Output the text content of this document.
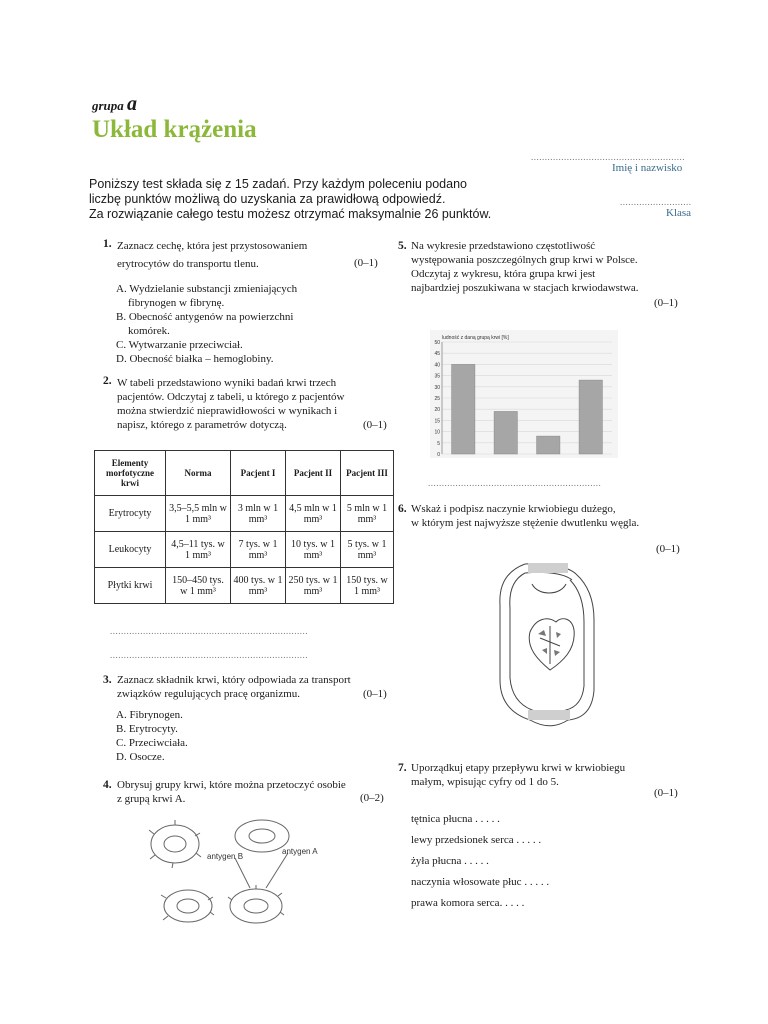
grupa a
Układ krążenia
........................................................
Imię i nazwisko
..........................
Klasa
Poniższy test składa się z 15 zadań. Przy każdym poleceniu podano
liczbę punktów możliwą do uzyskania za prawidłową odpowiedź.
Za rozwiązanie całego testu możesz otrzymać maksymalnie 26 punktów.
1. Zaznacz cechę, która jest przystosowaniem
erytrocytów do transportu tlenu.	(0–1)
A. Wydzielanie substancji zmieniających
fibrynogen w fibrynę.
B. Obecność antygenów na powierzchni
komórek.
C. Wytwarzanie przeciwciał.
D. Obecność białka – hemoglobiny.
2. W tabeli przedstawiono wyniki badań krwi trzech
pacjentów. Odczytaj z tabeli, u którego z pacjentów
można stwierdzić nieprawidłowości w wynikach i
napisz, którego z parametrów dotyczą.	(0–1)
Elementy morfotyczne krwi	Norma	Pacjent I	Pacjent II	Pacjent III
Erytrocyty	3,5–5,5 mln w 1 mm³	3 mln w 1 mm³	4,5 mln w 1 mm³	5 mln w 1 mm³
Leukocyty	4,5–11 tys. w 1 mm³	7 tys. w 1 mm³	10 tys. w 1 mm³	5 tys. w 1 mm³
Płytki krwi	150–450 tys. w 1 mm³	400 tys. w 1 mm³	250 tys. w 1 mm³	150 tys. w 1 mm³
........................................................................
........................................................................
3. Zaznacz składnik krwi, który odpowiada za transport
związków regulujących pracę organizmu.	(0–1)
A. Fibrynogen.
B. Erytrocyty.
C. Przeciwciała.
D. Osocze.
4. Obrysuj grupy krwi, które można przetoczyć osobie
z grupą krwi A.	(0–2)
antygen B
antygen A
5. Na wykresie przedstawiono częstotliwość
występowania poszczególnych grup krwi w Polsce.
Odczytaj z wykresu, która grupa krwi jest
najbardziej poszukiwana w stacjach krwiodawstwa.
(0–1)
ludność z daną grupą krwi [%]
0
5
10
15
20
25
30
35
40
45
50
...............................................................
6. Wskaż i podpisz naczynie krwiobiegu dużego,
w którym jest najwyższe stężenie dwutlenku węgla.
(0–1)
7. Uporządkuj etapy przepływu krwi w krwiobiegu
małym, wpisując cyfry od 1 do 5.
(0–1)
tętnica płucna . . . . .
lewy przedsionek serca . . . . .
żyła płucna . . . . .
naczynia włosowate płuc . . . . .
prawa komora serca. . . . .
